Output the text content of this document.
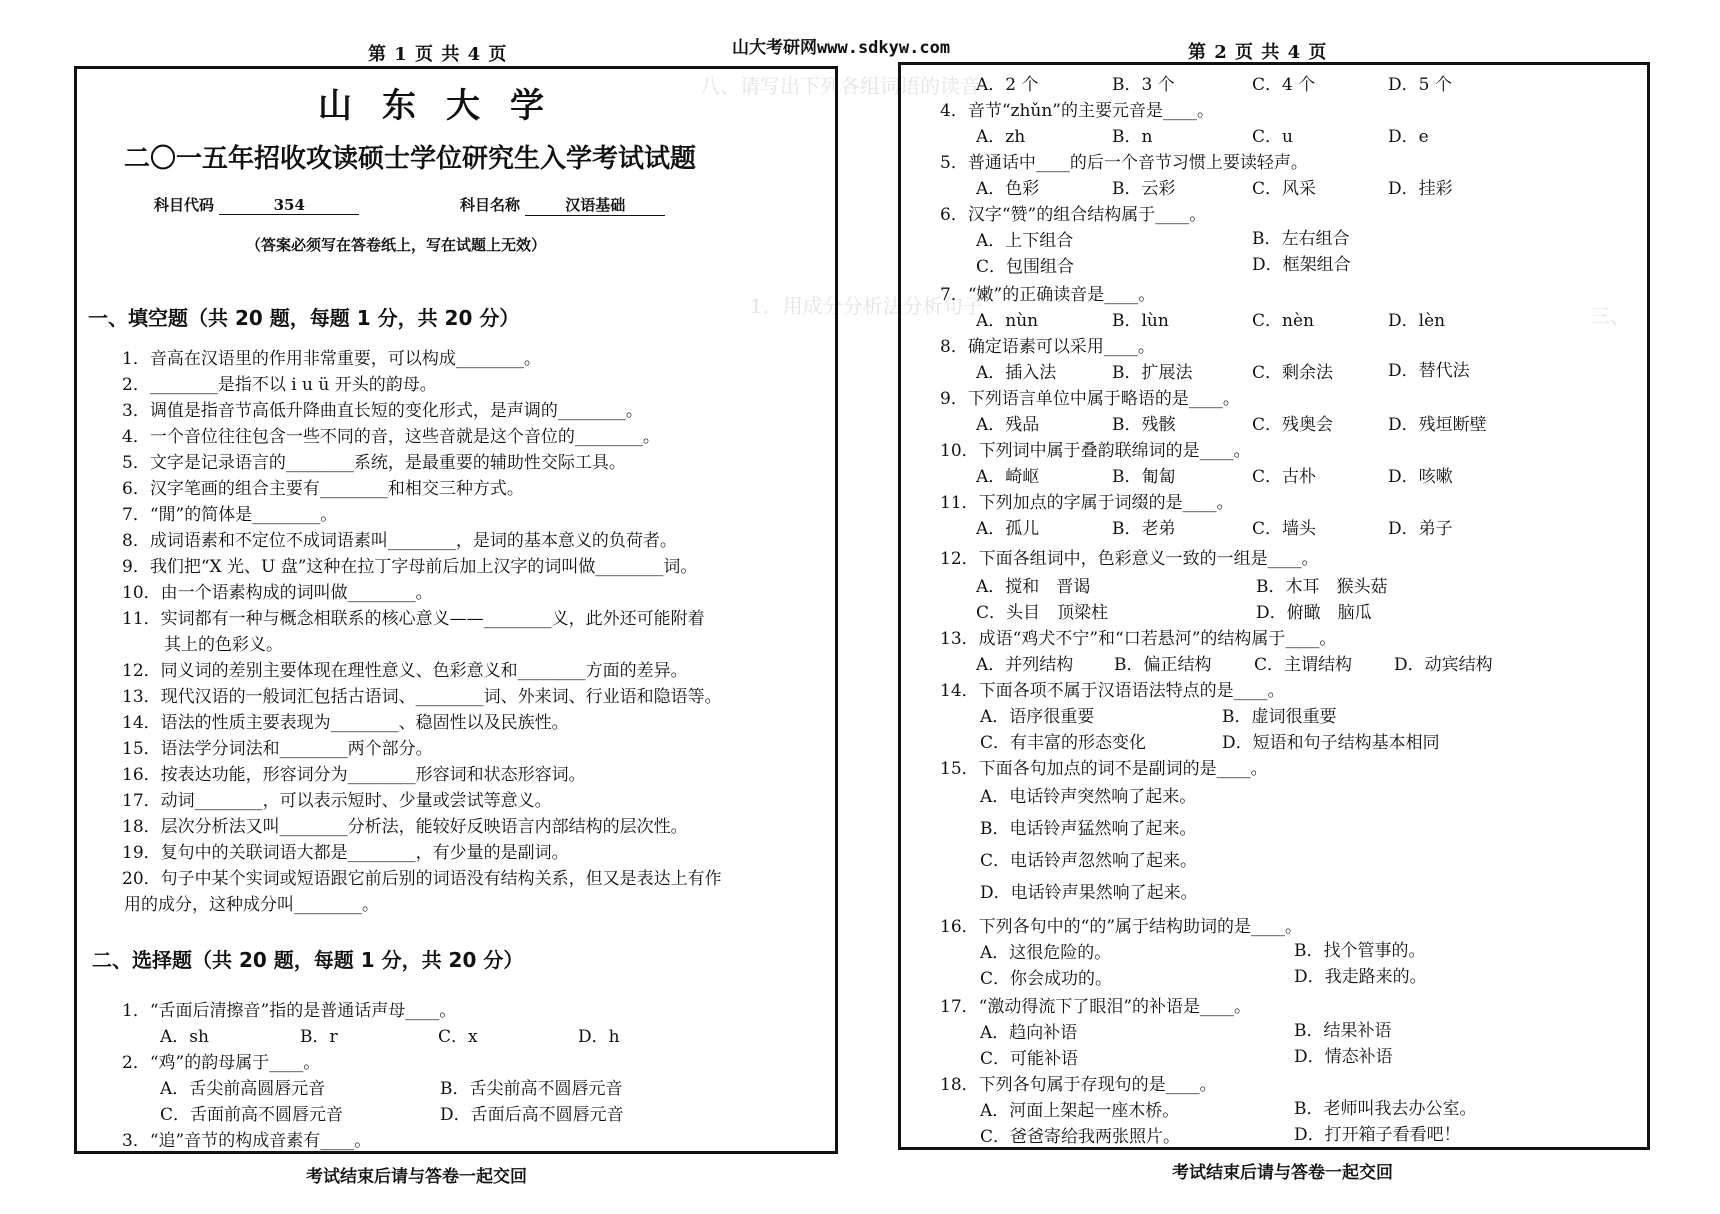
八、请写出下列各组词语的读音
1．用成分分析法分析句子	三、
第 1 页 共 4 页	山大考研网www.sdkyw.com	第 2 页 共 4 页
山东大学
二〇一五年招收攻读硕士学位研究生入学考试试题
科目代码	354	科目名称	汉语基础
（答案必须写在答卷纸上，写在试题上无效）
一、填空题（共 20 题，每题 1 分，共 20 分）
1．音高在汉语里的作用非常重要，可以构成________。
2．________是指不以 i u ü 开头的韵母。
3．调值是指音节高低升降曲直长短的变化形式，是声调的________。
4．一个音位往往包含一些不同的音，这些音就是这个音位的________。
5．文字是记录语言的________系统，是最重要的辅助性交际工具。
6．汉字笔画的组合主要有________和相交三种方式。
7．“閒”的简体是________。
8．成词语素和不定位不成词语素叫________，是词的基本意义的负荷者。
9．我们把“X 光、U 盘”这种在拉丁字母前后加上汉字的词叫做________词。
10．由一个语素构成的词叫做________。
11．实词都有一种与概念相联系的核心意义——________义，此外还可能附着
其上的色彩义。
12．同义词的差别主要体现在理性意义、色彩意义和________方面的差异。
13．现代汉语的一般词汇包括古语词、________词、外来词、行业语和隐语等。
14．语法的性质主要表现为________、稳固性以及民族性。
15．语法学分词法和________两个部分。
16．按表达功能，形容词分为________形容词和状态形容词。
17．动词________，可以表示短时、少量或尝试等意义。
18．层次分析法又叫________分析法，能较好反映语言内部结构的层次性。
19．复句中的关联词语大都是________，有少量的是副词。
20．句子中某个实词或短语跟它前后别的词语没有结构关系，但又是表达上有作
用的成分，这种成分叫________。
二、选择题（共 20 题，每题 1 分，共 20 分）
1．“舌面后清擦音”指的是普通话声母____。
A．sh	B．r	C．x	D．h
2．“鸡”的韵母属于____。
A．舌尖前高圆唇元音	B．舌尖前高不圆唇元音
C．舌面前高不圆唇元音	D．舌面后高不圆唇元音
3．“追”音节的构成音素有____。
考试结束后请与答卷一起交回
A．2 个	B．3 个	C．4 个	D．5 个
4．音节“zhǔn”的主要元音是____。
A．zh	B．n	C．u	D．e
5．普通话中____的后一个音节习惯上要读轻声。
A．色彩	B．云彩	C．风采	D．挂彩
6．汉字“赞”的组合结构属于____。
A．上下组合	B．左右组合
C．包围组合	D．框架组合
7．“嫩”的正确读音是____。
A．nùn	B．lùn	C．nèn	D．lèn
8．确定语素可以采用____。
A．插入法	B．扩展法	C．剩余法	D．替代法
9．下列语言单位中属于略语的是____。
A．残品	B．残骸	C．残奥会	D．残垣断壁
10．下列词中属于叠韵联绵词的是____。
A．崎岖	B．匍匐	C．古朴	D．咳嗽
11．下列加点的字属于词缀的是____。
A．孤儿	B．老弟	C．墙头	D．弟子
12．下面各组词中，色彩意义一致的一组是____。
A．搅和　晋谒	B．木耳　猴头菇
C．头目　顶梁柱	D．俯瞰　脑瓜
13．成语“鸡犬不宁”和“口若悬河”的结构属于____。
A．并列结构 B．偏正结构	C．主谓结构 D．动宾结构
14．下面各项不属于汉语语法特点的是____。
A．语序很重要	B．虚词很重要
C．有丰富的形态变化	D．短语和句子结构基本相同
15．下面各句加点的词不是副词的是____。
A．电话铃声突然响了起来。
B．电话铃声猛然响了起来。
C．电话铃声忽然响了起来。
D．电话铃声果然响了起来。
16．下列各句中的“的”属于结构助词的是____。
A．这很危险的。	B．找个管事的。
C．你会成功的。	D．我走路来的。
17．“激动得流下了眼泪”的补语是____。
A．趋向补语	B．结果补语
C．可能补语	D．情态补语
18．下列各句属于存现句的是____。
A．河面上架起一座木桥。	B．老师叫我去办公室。
C．爸爸寄给我两张照片。	D．打开箱子看看吧！
考试结束后请与答卷一起交回
